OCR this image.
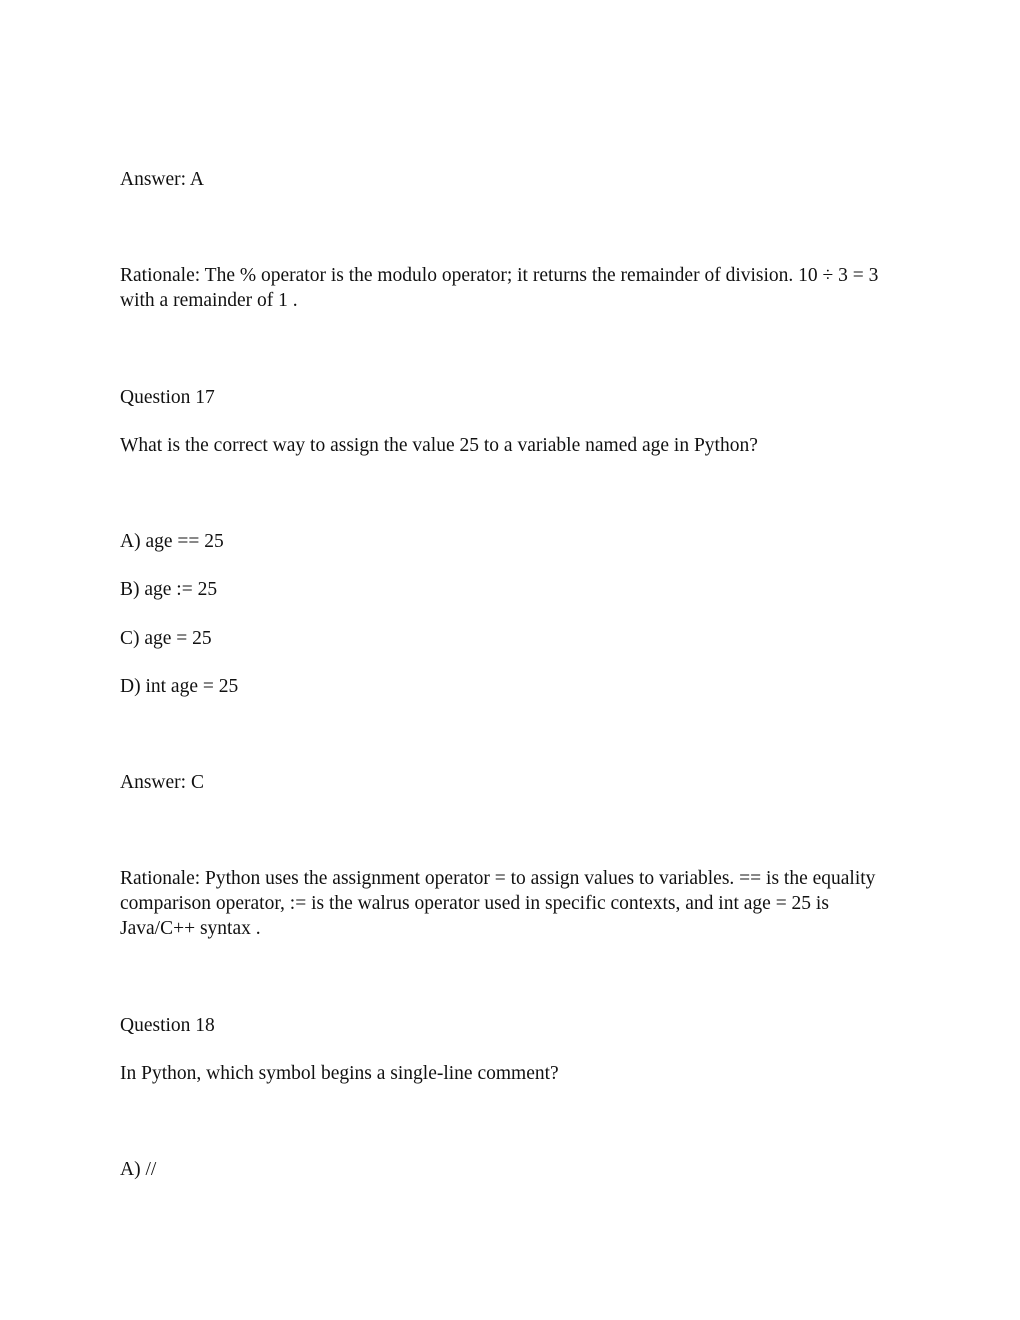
Answer: A

Rationale: The % operator is the modulo operator; it returns the remainder of division. 10 ÷ 3 = 3

with a remainder of 1 .

Question 17

What is the correct way to assign the value 25 to a variable named age in Python?

A) age == 25

B) age := 25

C) age = 25

D) int age = 25

Answer: C

Rationale: Python uses the assignment operator = to assign values to variables. == is the equality

comparison operator, := is the walrus operator used in specific contexts, and int age = 25 is

Java/C++ syntax .

Question 18

In Python, which symbol begins a single-line comment?

A) //
